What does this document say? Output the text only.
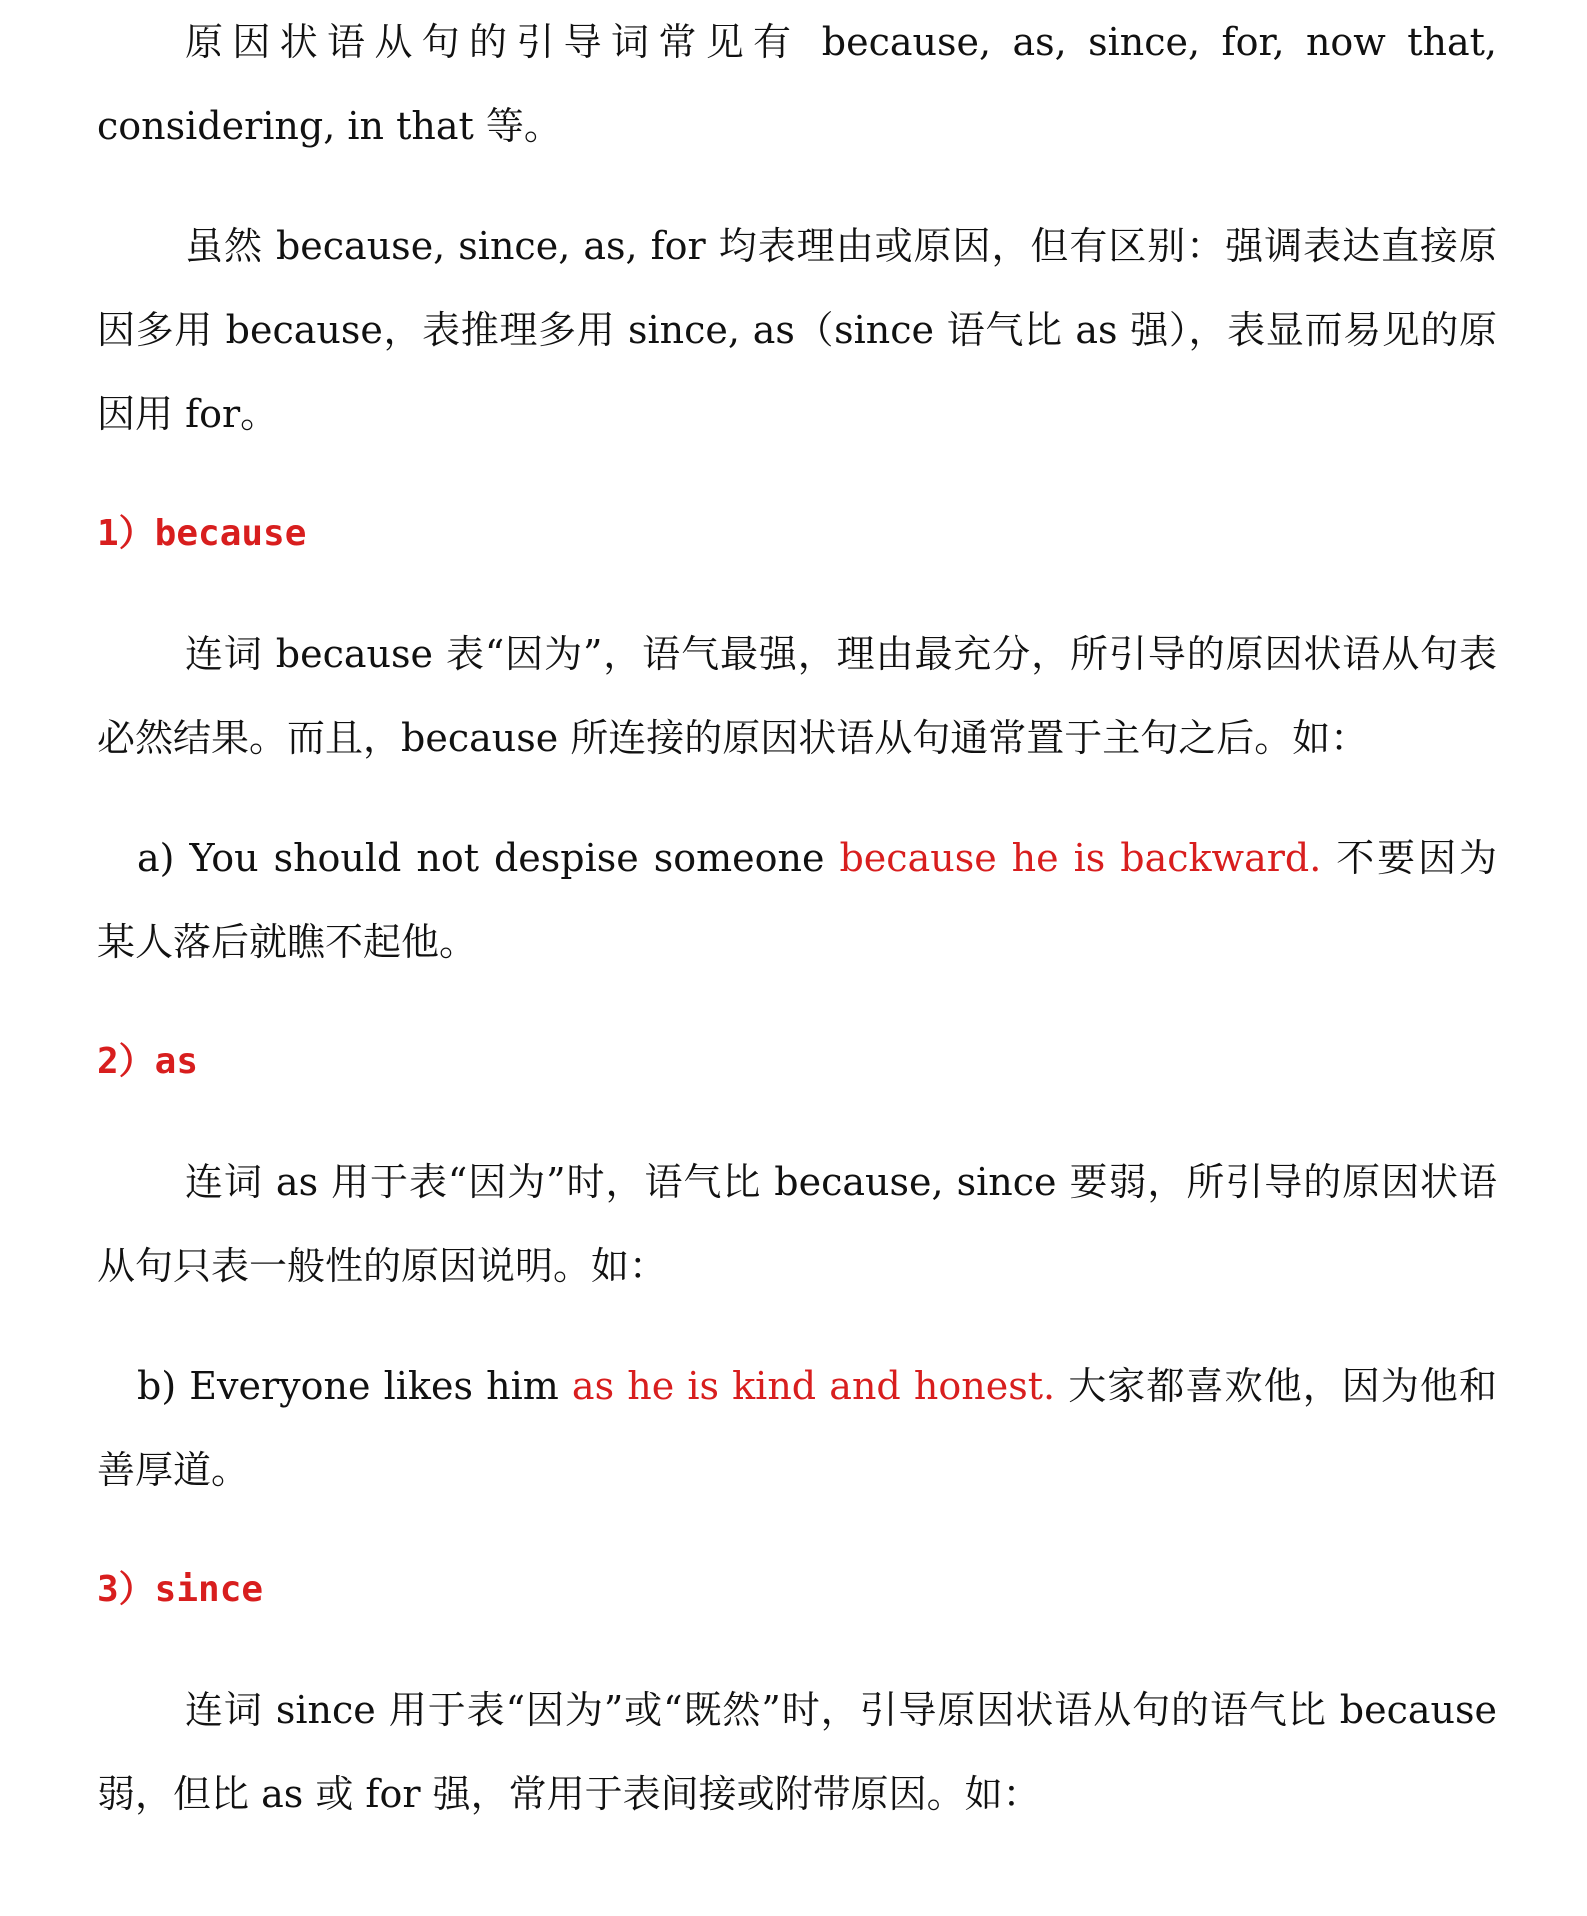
原因状语从句的引导词常见有 because, as, since, for, now that, considering, in that 等。

虽然 because, since, as, for 均表理由或原因，但有区别：强调表达直接原因多用 because，表推理多用 since, as（since 语气比 as 强），表显而易见的原因用 for。

1）because

连词 because 表“因为”，语气最强，理由最充分，所引导的原因状语从句表必然结果。而且，because 所连接的原因状语从句通常置于主句之后。如：

a) You should not despise someone because he is backward. 不要因为某人落后就瞧不起他。

2）as

连词 as 用于表“因为”时，语气比 because, since 要弱，所引导的原因状语从句只表一般性的原因说明。如：

b) Everyone likes him as he is kind and honest. 大家都喜欢他，因为他和善厚道。

3）since

连词 since 用于表“因为”或“既然”时，引导原因状语从句的语气比 because 弱，但比 as 或 for 强，常用于表间接或附带原因。如：
